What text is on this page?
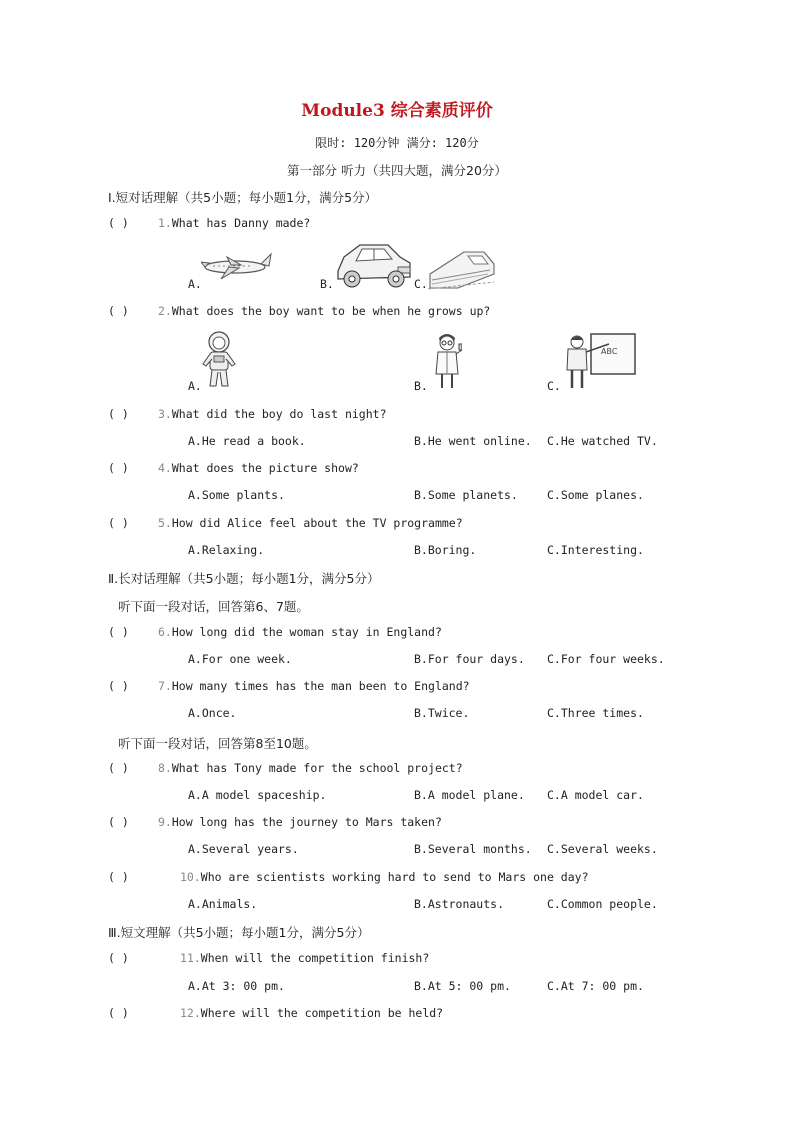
Module3 综合素质评价
限时: 120分钟 满分: 120分
第一部分 听力（共四大题，满分20分）
Ⅰ.短对话理解（共5小题；每小题1分，满分5分）
( )	1.What has Danny made?
A.	B.	C.
( )	2.What does the boy want to be when he grows up?
A.	B.	C.
ABC
( )	3.What did the boy do last night?
A.He read a book.	B.He went online. C.He watched TV.
( )	4.What does the picture show?
A.Some plants.	B.Some planets.	C.Some planes.
( )	5.How did Alice feel about the TV programme?
A.Relaxing.	B.Boring.	C.Interesting.
Ⅱ.长对话理解（共5小题；每小题1分，满分5分）
听下面一段对话，回答第6、7题。
( )	6.How long did the woman stay in England?
A.For one week.	B.For four days. C.For four weeks.
( )	7.How many times has the man been to England?
A.Once.	B.Twice.	C.Three times.
听下面一段对话，回答第8至10题。
( )	8.What has Tony made for the school project?
A.A model spaceship.	B.A model plane. C.A model car.
( )	9.How long has the journey to Mars taken?
A.Several years.	B.Several months. C.Several weeks.
( )	10.Who are scientists working hard to send to Mars one day?
A.Animals.	B.Astronauts.	C.Common people.
Ⅲ.短文理解（共5小题；每小题1分，满分5分）
( )	11.When will the competition finish?
A.At 3: 00 pm.	B.At 5: 00 pm.	C.At 7: 00 pm.
( )	12.Where will the competition be held?
